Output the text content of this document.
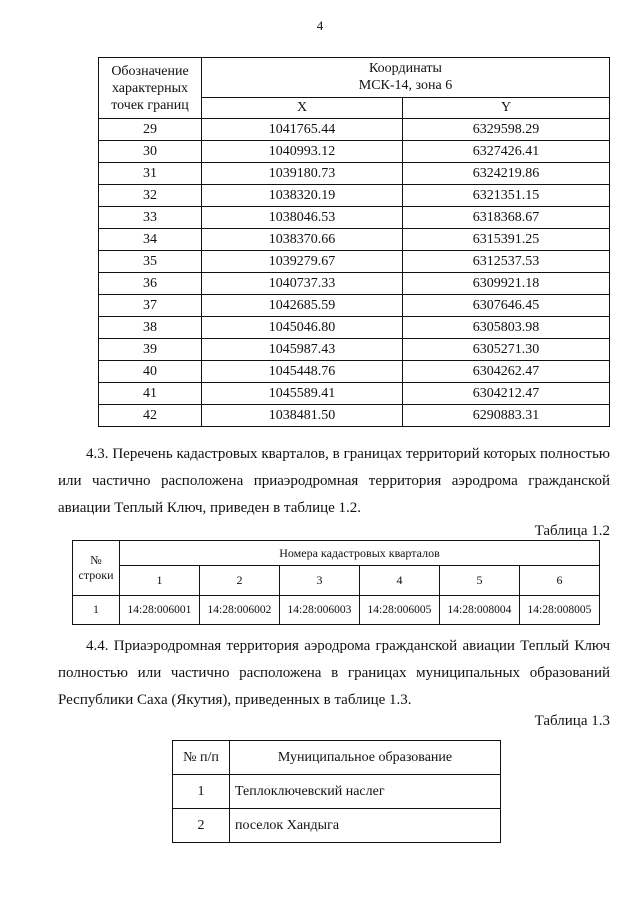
4
Обозначение
характерных
точек границ	Координаты
МСК-14, зона 6	
	X	Y
29	1041765.44	6329598.29
30	1040993.12	6327426.41
31	1039180.73	6324219.86
32	1038320.19	6321351.15
33	1038046.53	6318368.67
34	1038370.66	6315391.25
35	1039279.67	6312537.53
36	1040737.33	6309921.18
37	1042685.59	6307646.45
38	1045046.80	6305803.98
39	1045987.43	6305271.30
40	1045448.76	6304262.47
41	1045589.41	6304212.47
42	1038481.50	6290883.31
4.3. Перечень кадастровых кварталов, в границах территорий которых полностью или частично расположена приаэродромная территория аэродрома гражданской авиации Теплый Ключ, приведен в таблице 1.2.
Таблица 1.2
№
строки	Номера кадастровых кварталов					
	1	2	3	4	5	6
1	14:28:006001	14:28:006002	14:28:006003	14:28:006005	14:28:008004	14:28:008005
4.4. Приаэродромная территория аэродрома гражданской авиации Теплый Ключ полностью или частично расположена в границах муниципальных образований Республики Саха (Якутия), приведенных в таблице 1.3.
Таблица 1.3
№ п/п	Муниципальное образование
1	Теплоключевский наслег
2	поселок Хандыга
